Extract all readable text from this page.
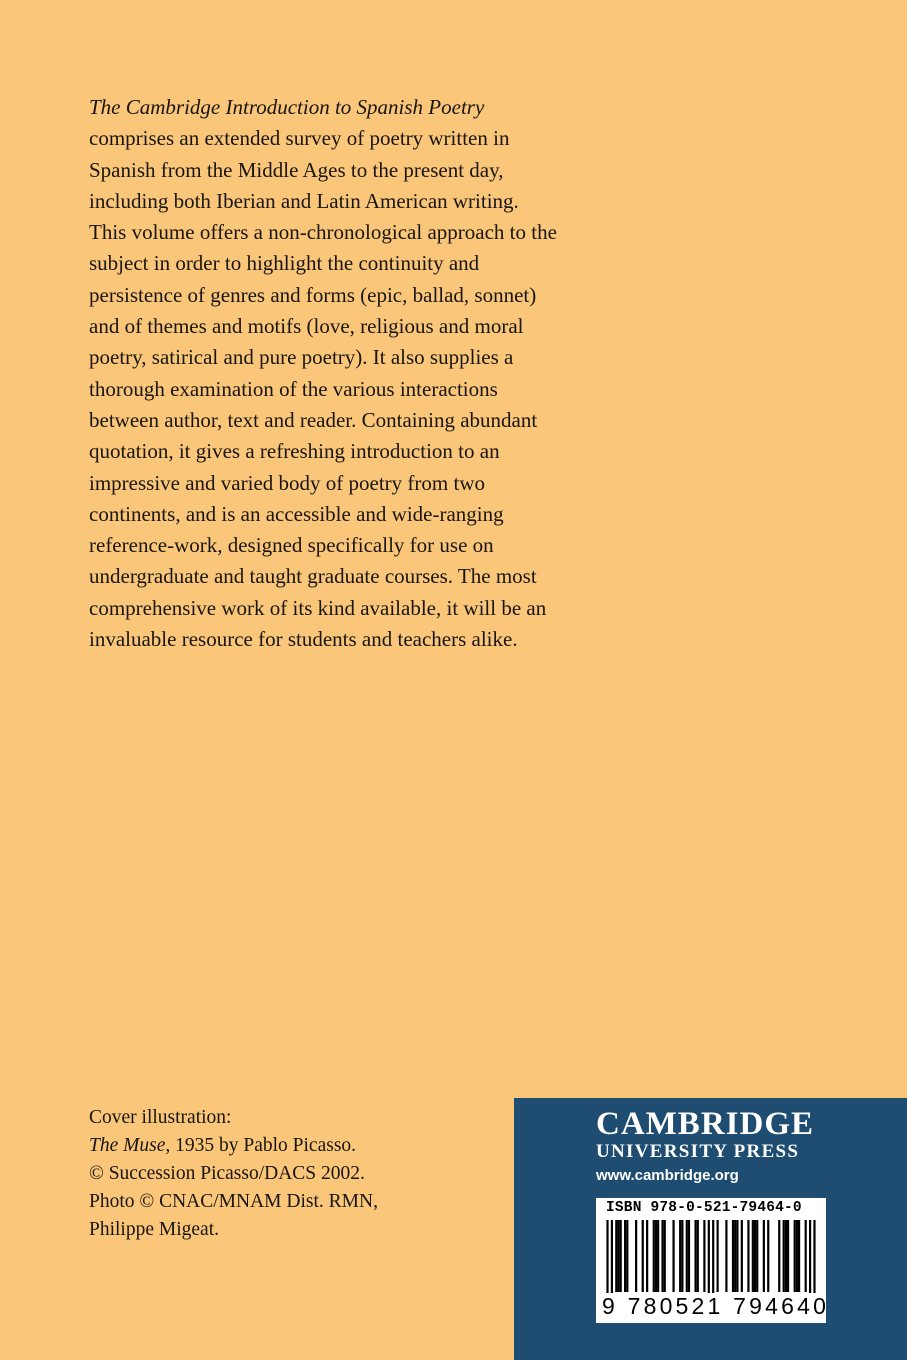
The Cambridge Introduction to Spanish Poetry comprises an extended survey of poetry written in Spanish from the Middle Ages to the present day, including both Iberian and Latin American writing. This volume offers a non-chronological approach to the subject in order to highlight the continuity and persistence of genres and forms (epic, ballad, sonnet) and of themes and motifs (love, religious and moral poetry, satirical and pure poetry). It also supplies a thorough examination of the various interactions between author, text and reader. Containing abundant quotation, it gives a refreshing introduction to an impressive and varied body of poetry from two continents, and is an accessible and wide-ranging reference-work, designed specifically for use on undergraduate and taught graduate courses. The most comprehensive work of its kind available, it will be an invaluable resource for students and teachers alike.
Cover illustration:
The Muse, 1935 by Pablo Picasso.
© Succession Picasso/DACS 2002.
Photo © CNAC/MNAM Dist. RMN,
Philippe Migeat.
CAMBRIDGE
UNIVERSITY PRESS
www.cambridge.org
ISBN 978-0-521-79464-0
9 780521 794640
